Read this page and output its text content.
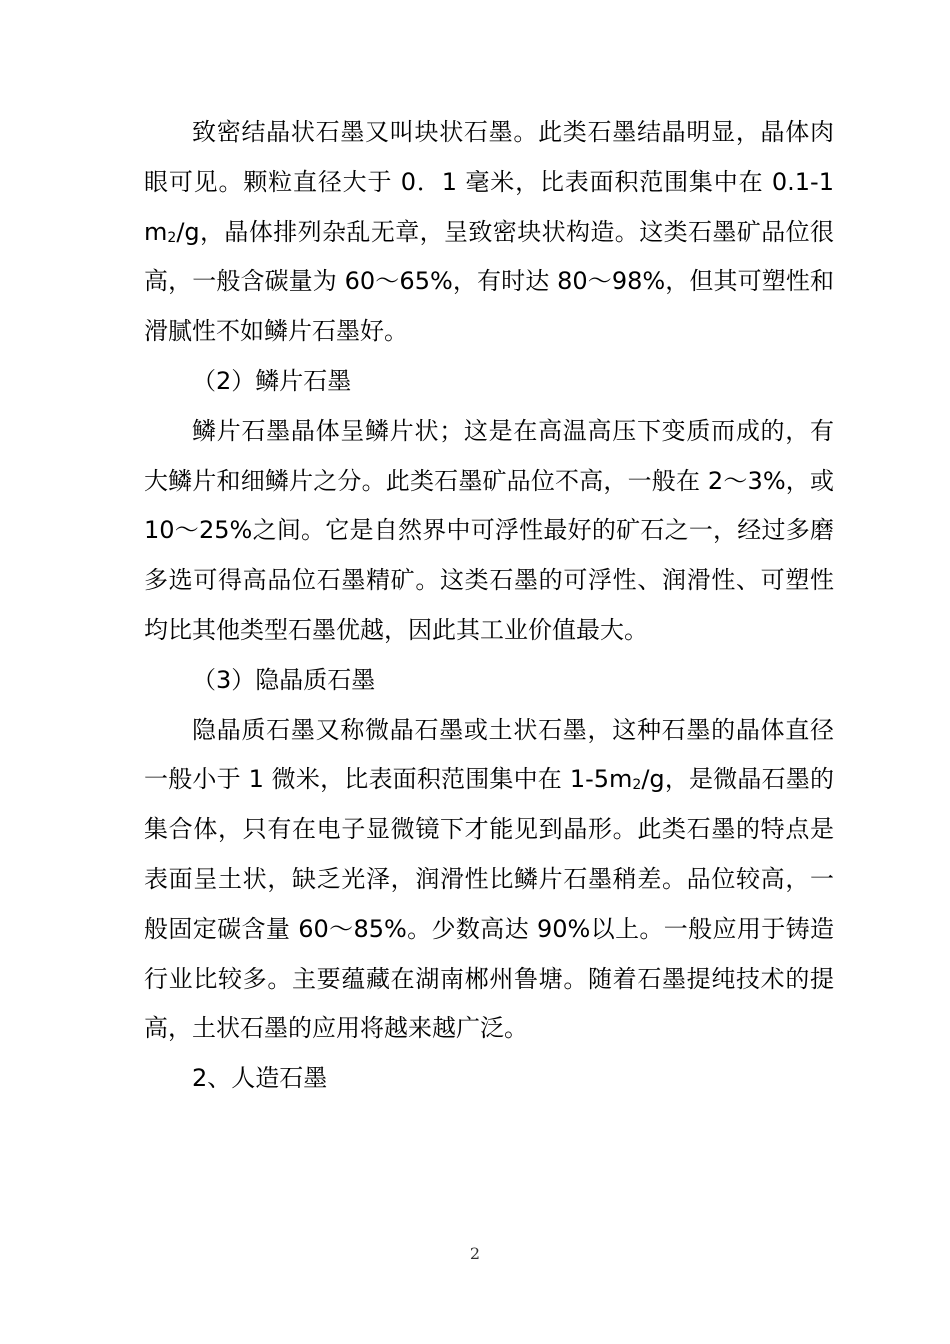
致密结晶状石墨又叫块状石墨。此类石墨结晶明显，晶体肉眼可见。颗粒直径大于 0．1 毫米，比表面积范围集中在 $0.1-1m_2/g$，晶体排列杂乱无章，呈致密块状构造。这类石墨矿品位很高，一般含碳量为 60～65%，有时达 80～98%，但其可塑性和滑腻性不如鳞片石墨好。

（2）鳞片石墨

鳞片石墨晶体呈鳞片状；这是在高温高压下变质而成的，有大鳞片和细鳞片之分。此类石墨矿品位不高，一般在 2～3%，或 10～25%之间。它是自然界中可浮性最好的矿石之一，经过多磨多选可得高品位石墨精矿。这类石墨的可浮性、润滑性、可塑性均比其他类型石墨优越，因此其工业价值最大。

（3）隐晶质石墨

隐晶质石墨又称微晶石墨或土状石墨，这种石墨的晶体直径一般小于 1 微米，比表面积范围集中在 $1-5m_2/g$，是微晶石墨的集合体，只有在电子显微镜下才能见到晶形。此类石墨的特点是表面呈土状，缺乏光泽，润滑性比鳞片石墨稍差。品位较高，一般固定碳含量 60～85%。少数高达 90%以上。一般应用于铸造行业比较多。主要蕴藏在湖南郴州鲁塘。随着石墨提纯技术的提高，土状石墨的应用将越来越广泛。

2、人造石墨

2
